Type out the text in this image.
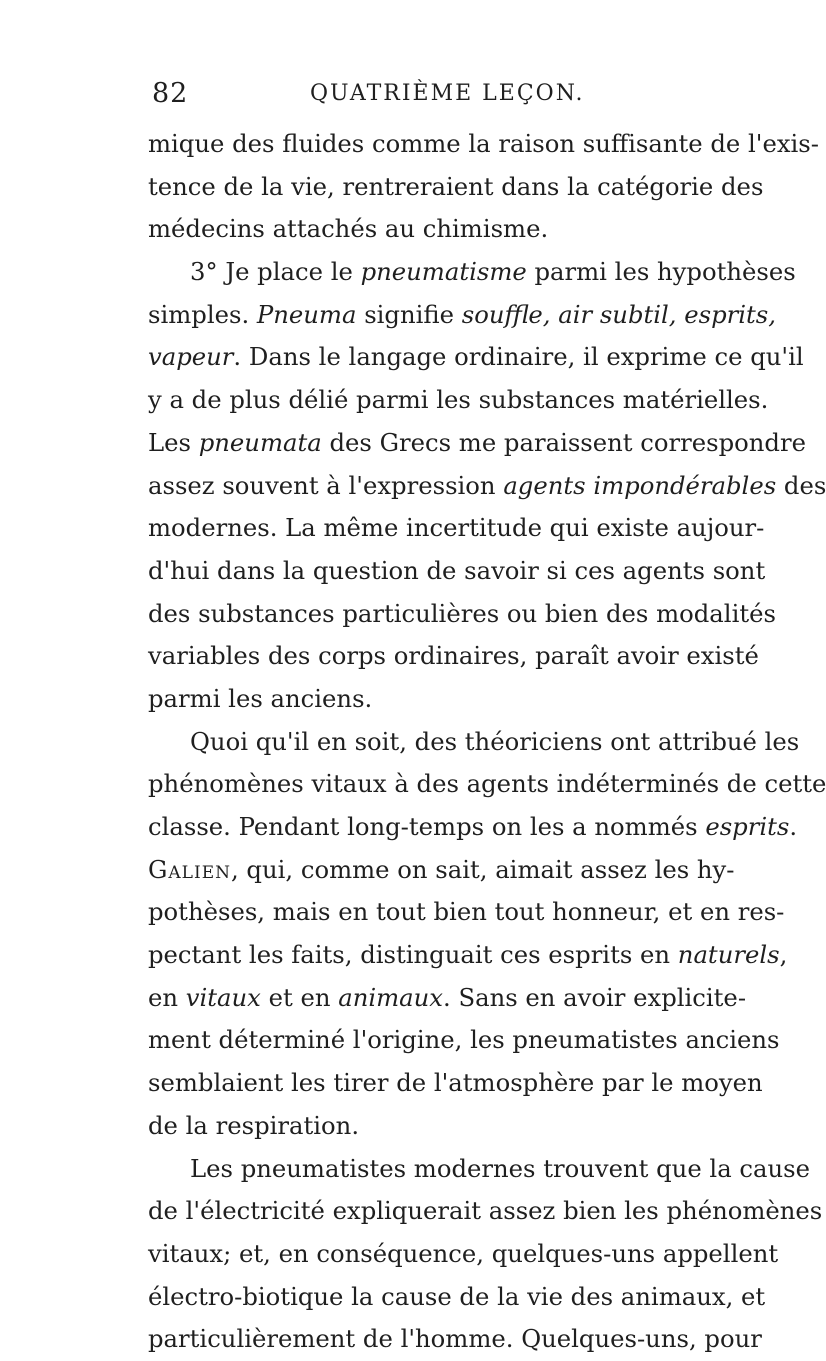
82	QUATRIÈME LEÇON.
mique des fluides comme la raison suffisante de l'exis-
tence de la vie, rentreraient dans la catégorie des
médecins attachés au chimisme.
3° Je place le pneumatisme parmi les hypothèses
simples. Pneuma signifie souffle, air subtil, esprits,
vapeur. Dans le langage ordinaire, il exprime ce qu'il
y a de plus délié parmi les substances matérielles.
Les pneumata des Grecs me paraissent correspondre
assez souvent à l'expression agents impondérables des
modernes. La même incertitude qui existe aujour-
d'hui dans la question de savoir si ces agents sont
des substances particulières ou bien des modalités
variables des corps ordinaires, paraît avoir existé
parmi les anciens.
Quoi qu'il en soit, des théoriciens ont attribué les
phénomènes vitaux à des agents indéterminés de cette
classe. Pendant long-temps on les a nommés esprits.
Galien, qui, comme on sait, aimait assez les hy-
pothèses, mais en tout bien tout honneur, et en res-
pectant les faits, distinguait ces esprits en naturels,
en vitaux et en animaux. Sans en avoir explicite-
ment déterminé l'origine, les pneumatistes anciens
semblaient les tirer de l'atmosphère par le moyen
de la respiration.
Les pneumatistes modernes trouvent que la cause
de l'électricité expliquerait assez bien les phénomènes
vitaux; et, en conséquence, quelques-uns appellent
électro-biotique la cause de la vie des animaux, et
particulièrement de l'homme. Quelques-uns, pour
